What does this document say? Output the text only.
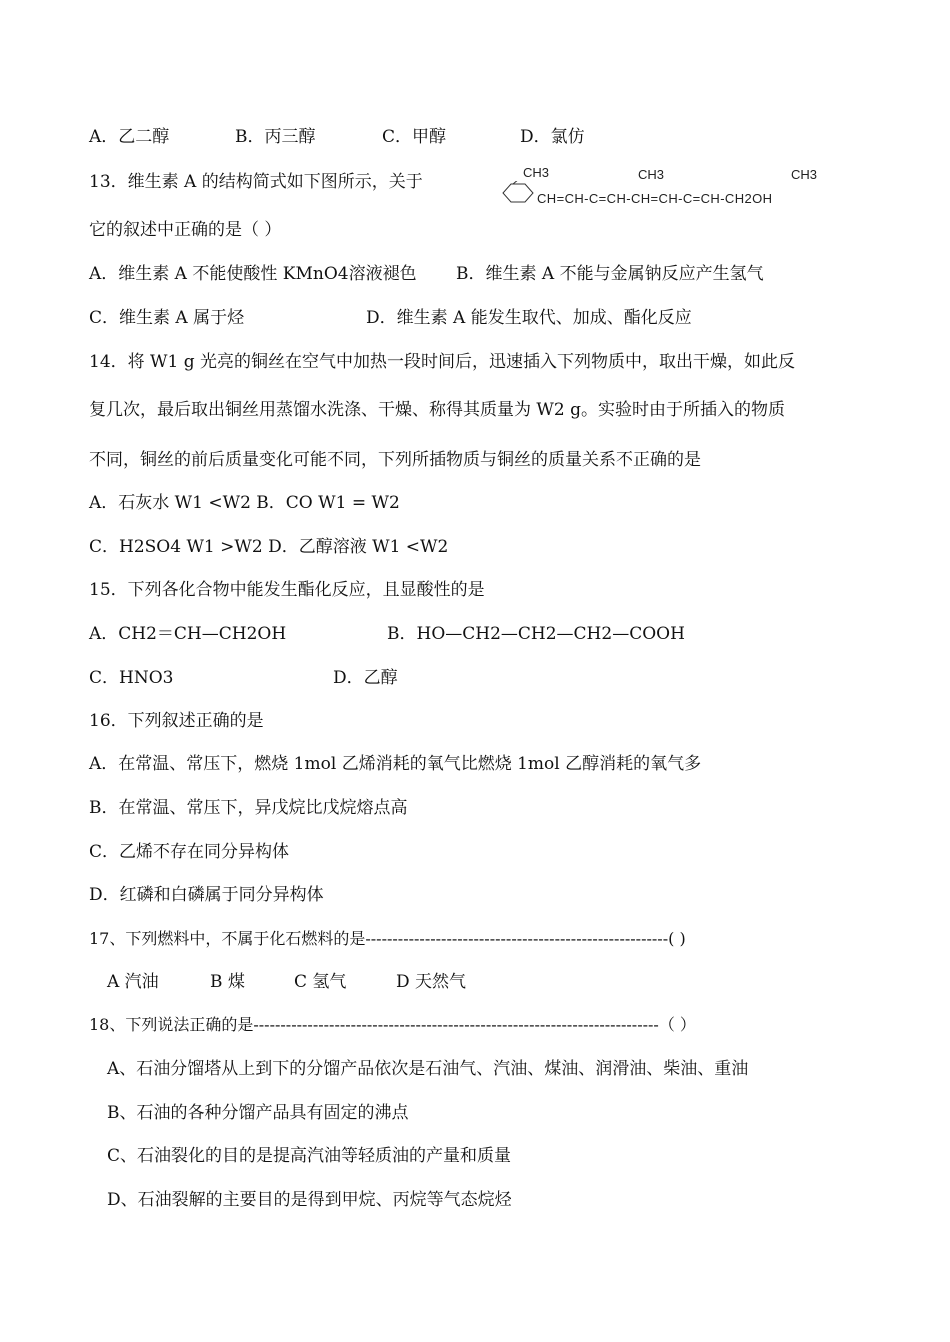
A．乙二醇	B．丙三醇	C．甲醇	D．氯仿
13．维生素 A 的结构简式如下图所示，关于	CH3	CH3	CH3
CH=CH-C=CH-CH=CH-C=CH-CH2OH
它的叙述中正确的是（ ）
A．维生素 A 不能使酸性 KMnO4溶液褪色 B．维生素 A 不能与金属钠反应产生氢气
C．维生素 A 属于烃	D．维生素 A 能发生取代、加成、酯化反应
14．将 W1 g 光亮的铜丝在空气中加热一段时间后，迅速插入下列物质中，取出干燥，如此反
复几次，最后取出铜丝用蒸馏水洗涤、干燥、称得其质量为 W2 g。实验时由于所插入的物质
不同，铜丝的前后质量变化可能不同，下列所插物质与铜丝的质量关系不正确的是
A．石灰水 W1 <W2 B．CO W1 = W2
C．H2SO4 W1 >W2 D．乙醇溶液 W1 <W2
15．下列各化合物中能发生酯化反应，且显酸性的是
A．CH2＝CH—CH2OH	B．HO—CH2—CH2—CH2—COOH
C．HNO3	D．乙醇
16．下列叙述正确的是
A．在常温、常压下，燃烧 1mol 乙烯消耗的氧气比燃烧 1mol 乙醇消耗的氧气多
B．在常温、常压下，异戊烷比戊烷熔点高
C．乙烯不存在同分异构体
D．红磷和白磷属于同分异构体
17、下列燃料中，不属于化石燃料的是--------------------------------------------------------( )
A 汽油	B 煤	C 氢气	D 天然气
18、下列说法正确的是---------------------------------------------------------------------------（ ）
A、石油分馏塔从上到下的分馏产品依次是石油气、汽油、煤油、润滑油、柴油、重油
B、石油的各种分馏产品具有固定的沸点
C、石油裂化的目的是提高汽油等轻质油的产量和质量
D、石油裂解的主要目的是得到甲烷、丙烷等气态烷烃
